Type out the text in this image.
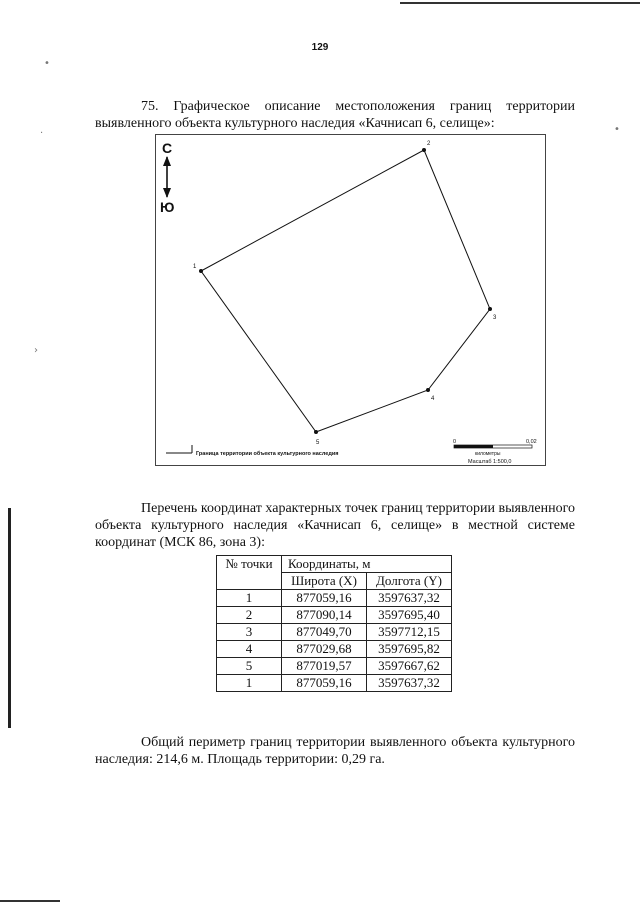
•
·	•
›
129

75. Графическое описание местоположения границ территории выявленного объекта культурного наследия «Качнисап 6, селище»:

С
Ю
1
2
3
4
5
Граница территории объекта культурного наследия
0	0,02
километры
Масштаб 1:500,0

Перечень координат характерных точек границ территории выявленного объекта культурного наследия «Качнисап 6, селище» в местной системе координат (МСК 86, зона 3):

№ точки	Координаты, м	
	Широта (X)	Долгота (Y)
1	877059,16	3597637,32
2	877090,14	3597695,40
3	877049,70	3597712,15
4	877029,68	3597695,82
5	877019,57	3597667,62
1	877059,16	3597637,32

Общий периметр границ территории выявленного объекта культурного наследия: 214,6 м. Площадь территории: 0,29 га.
